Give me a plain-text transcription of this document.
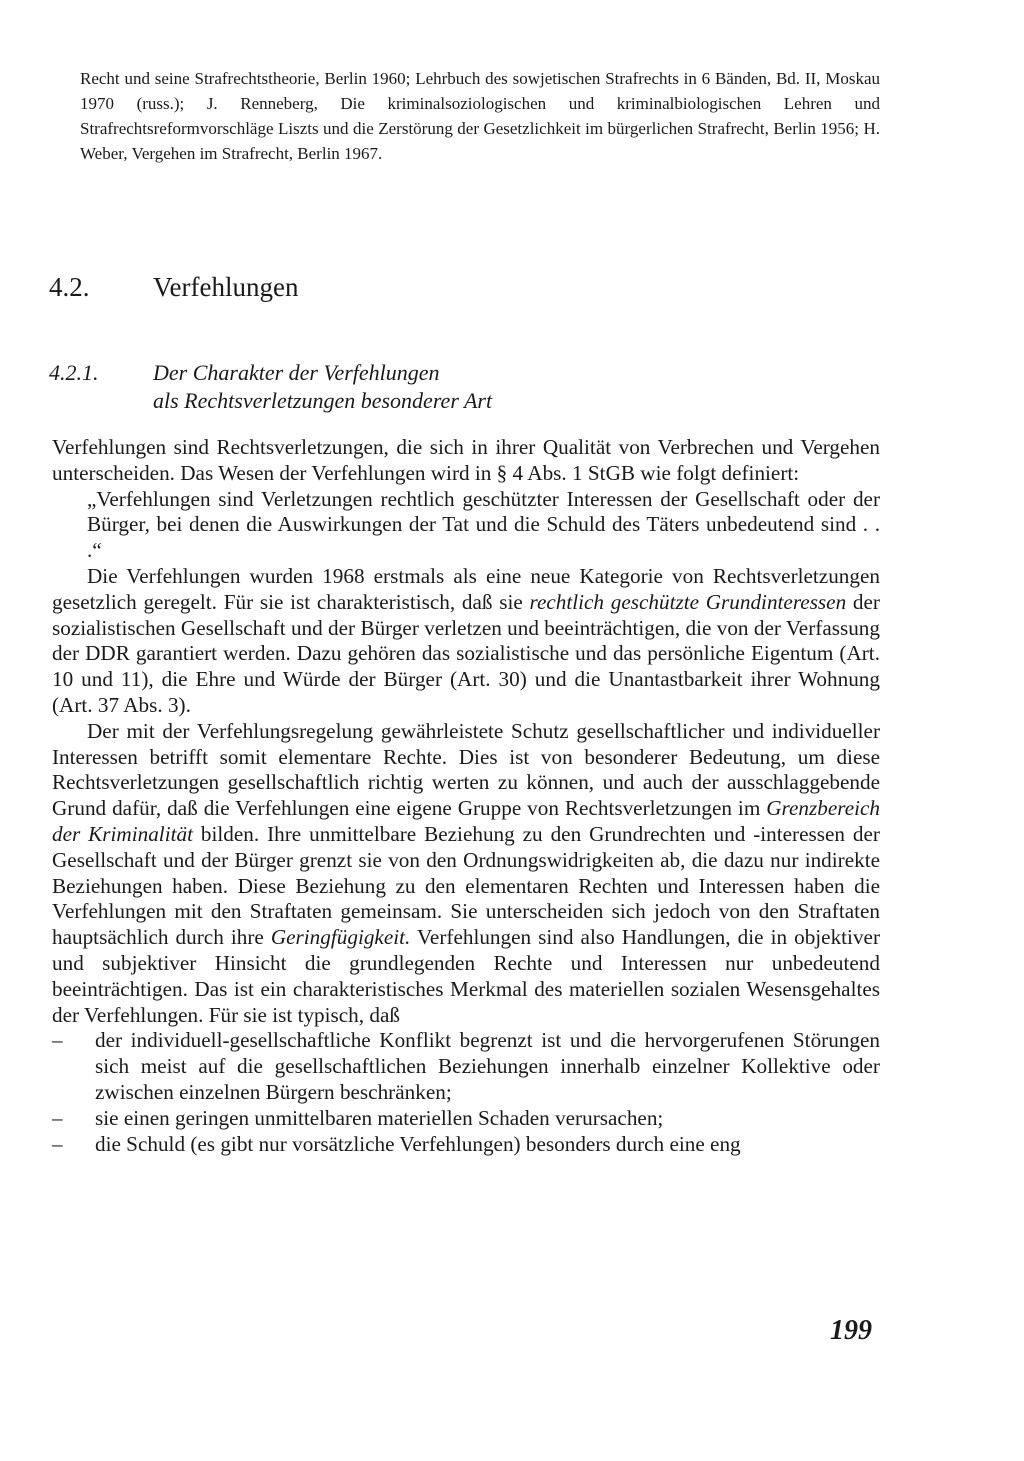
Recht und seine Strafrechtstheorie, Berlin 1960; Lehrbuch des sowjetischen Strafrechts in 6 Bänden, Bd. II, Moskau 1970 (russ.); J. Renneberg, Die kriminalsoziologischen und kriminalbiologischen Lehren und Strafrechtsreformvorschläge Liszts und die Zerstörung der Gesetzlichkeit im bürgerlichen Strafrecht, Berlin 1956; H. Weber, Vergehen im Strafrecht, Berlin 1967.
4.2. Verfehlungen
4.2.1. Der Charakter der Verfehlungen
als Rechtsverletzungen besonderer Art

Verfehlungen sind Rechtsverletzungen, die sich in ihrer Qualität von Verbrechen und Vergehen unterscheiden. Das Wesen der Verfehlungen wird in § 4 Abs. 1 StGB wie folgt definiert:

„Verfehlungen sind Verletzungen rechtlich geschützter Interessen der Gesellschaft oder der Bürger, bei denen die Auswirkungen der Tat und die Schuld des Täters unbedeutend sind . . .“

Die Verfehlungen wurden 1968 erstmals als eine neue Kategorie von Rechtsverletzungen gesetzlich geregelt. Für sie ist charakteristisch, daß sie rechtlich geschützte Grundinteressen der sozialistischen Gesellschaft und der Bürger verletzen und beeinträchtigen, die von der Verfassung der DDR garantiert werden. Dazu gehören das sozialistische und das persönliche Eigentum (Art. 10 und 11), die Ehre und Würde der Bürger (Art. 30) und die Unantastbarkeit ihrer Wohnung (Art. 37 Abs. 3).

Der mit der Verfehlungsregelung gewährleistete Schutz gesellschaftlicher und individueller Interessen betrifft somit elementare Rechte. Dies ist von besonderer Bedeutung, um diese Rechtsverletzungen gesellschaftlich richtig werten zu können, und auch der ausschlaggebende Grund dafür, daß die Verfehlungen eine eigene Gruppe von Rechtsverletzungen im Grenzbereich der Kriminalität bilden. Ihre unmittelbare Beziehung zu den Grundrechten und -interessen der Gesellschaft und der Bürger grenzt sie von den Ordnungswidrigkeiten ab, die dazu nur indirekte Beziehungen haben. Diese Beziehung zu den elementaren Rechten und Interessen haben die Verfehlungen mit den Straftaten gemeinsam. Sie unterscheiden sich jedoch von den Straftaten hauptsächlich durch ihre Geringfügigkeit. Verfehlungen sind also Handlungen, die in objektiver und subjektiver Hinsicht die grundlegenden Rechte und Interessen nur unbedeutend beeinträchtigen. Das ist ein charakteristisches Merkmal des materiellen sozialen Wesensgehaltes der Verfehlungen. Für sie ist typisch, daß

– der individuell-gesellschaftliche Konflikt begrenzt ist und die hervorgerufenen Störungen sich meist auf die gesellschaftlichen Beziehungen innerhalb einzelner Kollektive oder zwischen einzelnen Bürgern beschränken;
– sie einen geringen unmittelbaren materiellen Schaden verursachen;
– die Schuld (es gibt nur vorsätzliche Verfehlungen) besonders durch eine eng
199
